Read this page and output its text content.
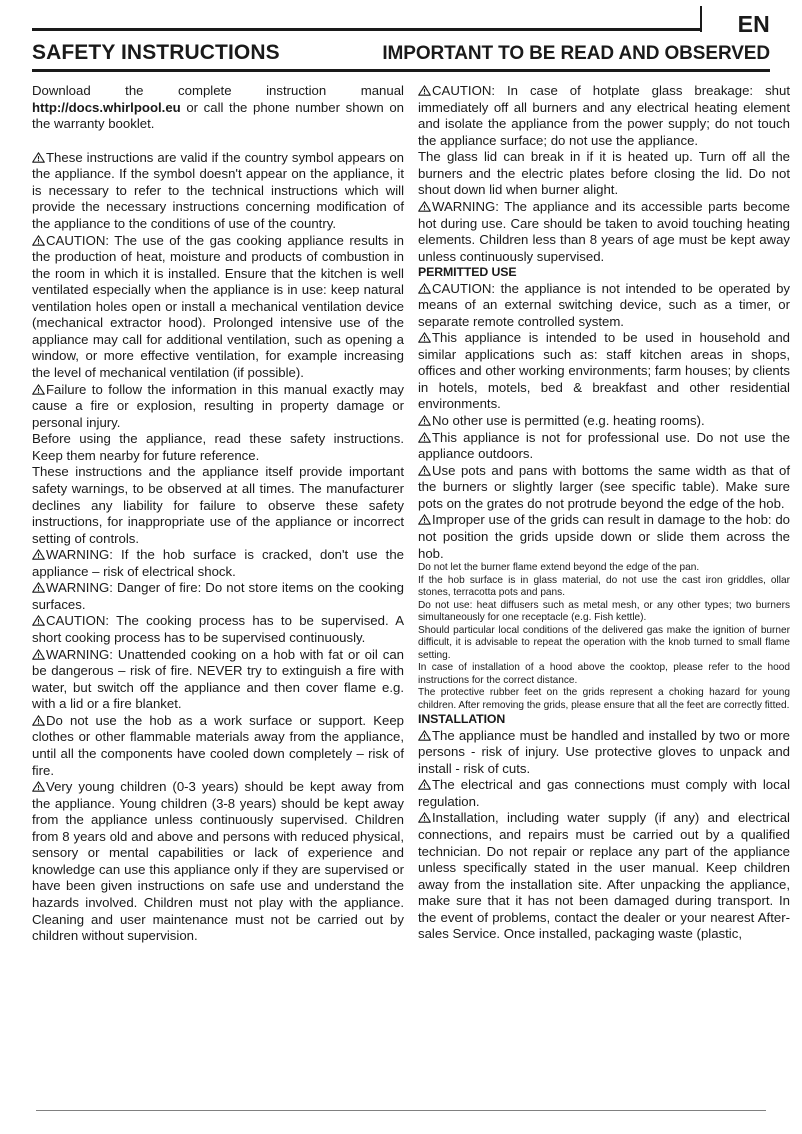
EN
SAFETY INSTRUCTIONS	IMPORTANT TO BE READ AND OBSERVED

Download the complete instruction manual http://docs.whirlpool.eu or call the phone number shown on the warranty booklet.

These instructions are valid if the country symbol appears on the appliance. If the symbol doesn't appear on the appliance, it is necessary to refer to the technical instructions which will provide the necessary instructions concerning modification of the appliance to the conditions of use of the country.

CAUTION: The use of the gas cooking appliance results in the production of heat, moisture and products of combustion in the room in which it is installed. Ensure that the kitchen is well ventilated especially when the appliance is in use: keep natural ventilation holes open or install a mechanical ventilation device (mechanical extractor hood). Prolonged intensive use of the appliance may call for additional ventilation, such as opening a window, or more effective ventilation, for example increasing the level of mechanical ventilation (if possible).

Failure to follow the information in this manual exactly may cause a fire or explosion, resulting in property damage or personal injury.

Before using the appliance, read these safety instructions. Keep them nearby for future reference.

These instructions and the appliance itself provide important safety warnings, to be observed at all times. The manufacturer declines any liability for failure to observe these safety instructions, for inappropriate use of the appliance or incorrect setting of controls.

WARNING: If the hob surface is cracked, don't use the appliance – risk of electrical shock.

WARNING: Danger of fire: Do not store items on the cooking surfaces.

CAUTION: The cooking process has to be supervised. A short cooking process has to be supervised continuously.

WARNING: Unattended cooking on a hob with fat or oil can be dangerous – risk of fire. NEVER try to extinguish a fire with water, but switch off the appliance and then cover flame e.g. with a lid or a fire blanket.

Do not use the hob as a work surface or support. Keep clothes or other flammable materials away from the appliance, until all the components have cooled down completely – risk of fire.

Very young children (0-3 years) should be kept away from the appliance. Young children (3-8 years) should be kept away from the appliance unless continuously supervised. Children from 8 years old and above and persons with reduced physical, sensory or mental capabilities or lack of experience and knowledge can use this appliance only if they are supervised or have been given instructions on safe use and understand the hazards involved. Children must not play with the appliance. Cleaning and user maintenance must not be carried out by children without supervision.

CAUTION: In case of hotplate glass breakage: shut immediately off all burners and any electrical heating element and isolate the appliance from the power supply; do not touch the appliance surface; do not use the appliance.

The glass lid can break in if it is heated up. Turn off all the burners and the electric plates before closing the lid. Do not shout down lid when burner alight.

WARNING: The appliance and its accessible parts become hot during use. Care should be taken to avoid touching heating elements. Children less than 8 years of age must be kept away unless continuously supervised.

PERMITTED USE

CAUTION: the appliance is not intended to be operated by means of an external switching device, such as a timer, or separate remote controlled system.

This appliance is intended to be used in household and similar applications such as: staff kitchen areas in shops, offices and other working environments; farm houses; by clients in hotels, motels, bed & breakfast and other residential environments.

No other use is permitted (e.g. heating rooms).

This appliance is not for professional use. Do not use the appliance outdoors.

Use pots and pans with bottoms the same width as that of the burners or slightly larger (see specific table). Make sure pots on the grates do not protrude beyond the edge of the hob.

Improper use of the grids can result in damage to the hob: do not position the grids upside down or slide them across the hob.

Do not let the burner flame extend beyond the edge of the pan.

If the hob surface is in glass material, do not use the cast iron griddles, ollar stones, terracotta pots and pans.

Do not use: heat diffusers such as metal mesh, or any other types; two burners simultaneously for one receptacle (e.g. Fish kettle).

Should particular local conditions of the delivered gas make the ignition of burner difficult, it is advisable to repeat the operation with the knob turned to small flame setting.

In case of installation of a hood above the cooktop, please refer to the hood instructions for the correct distance.

The protective rubber feet on the grids represent a choking hazard for young children. After removing the grids, please ensure that all the feet are correctly fitted.

INSTALLATION

The appliance must be handled and installed by two or more persons - risk of injury. Use protective gloves to unpack and install - risk of cuts.

The electrical and gas connections must comply with local regulation.

Installation, including water supply (if any) and electrical connections, and repairs must be carried out by a qualified technician. Do not repair or replace any part of the appliance unless specifically stated in the user manual. Keep children away from the installation site. After unpacking the appliance, make sure that it has not been damaged during transport. In the event of problems, contact the dealer or your nearest After-sales Service. Once installed, packaging waste (plastic,
